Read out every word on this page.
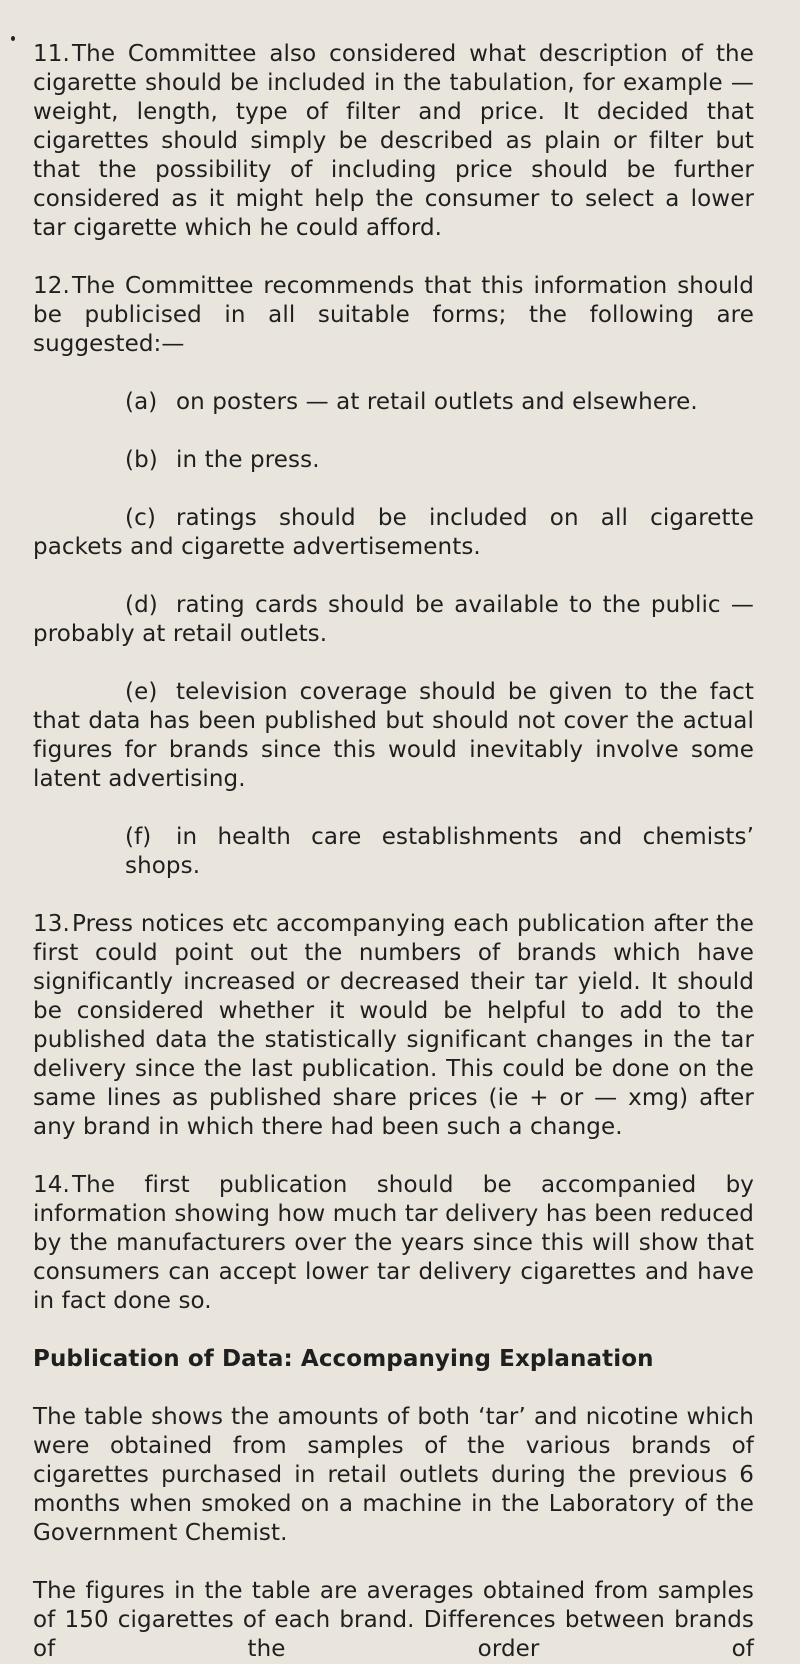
11.The Committee also considered what description of the cigarette should be included in the tabulation, for example — weight, length, type of filter and price. It decided that cigarettes should simply be described as plain or filter but that the possibility of including price should be further considered as it might help the consumer to select a lower tar cigarette which he could afford.

12.The Committee recommends that this information should be publicised in all suitable forms; the following are suggested:—

(a) on posters — at retail outlets and elsewhere.

(b) in the press.

(c) ratings should be included on all cigarette packets and cigarette advertisements.

(d) rating cards should be available to the public — probably at retail outlets.

(e) television coverage should be given to the fact that data has been published but should not cover the actual figures for brands since this would inevitably involve some latent advertising.

(f) in health care establishments and chemists’ shops.

13.Press notices etc accompanying each publication after the first could point out the numbers of brands which have significantly increased or decreased their tar yield. It should be considered whether it would be helpful to add to the published data the statistically significant changes in the tar delivery since the last publication. This could be done on the same lines as published share prices (ie + or — xmg) after any brand in which there had been such a change.

14.The first publication should be accompanied by information showing how much tar delivery has been reduced by the manufacturers over the years since this will show that consumers can accept lower tar delivery cigarettes and have in fact done so.

Publication of Data: Accompanying Explanation

The table shows the amounts of both ‘tar’ and nicotine which were obtained from samples of the various brands of cigarettes purchased in retail outlets during the previous 6 months when smoked on a machine in the Laboratory of the Government Chemist.

The figures in the table are averages obtained from samples of 150 cigarettes of each brand. Differences between brands of the order of
